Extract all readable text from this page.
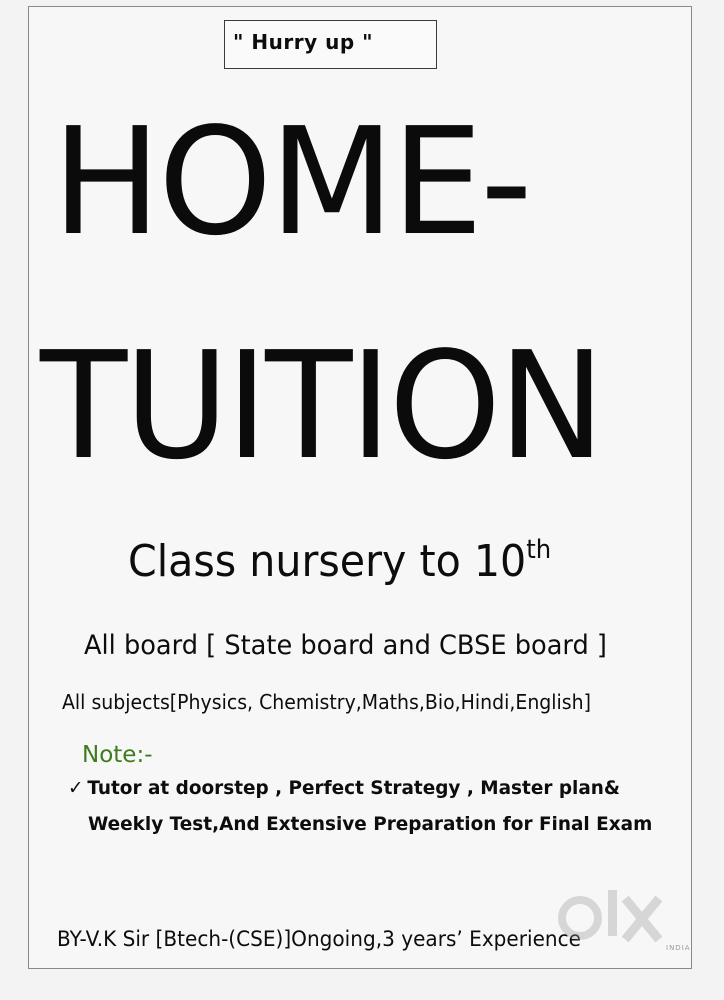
" Hurry up "
HOME-
TUITION
Class nursery to 10th
All board [ State board and CBSE board ]
All subjects[Physics, Chemistry,Maths,Bio,Hindi,English]
Note:-
✓ Tutor at doorstep , Perfect Strategy , Master plan&
Weekly Test,And Extensive Preparation for Final Exam
BY-V.K Sir [Btech-(CSE)]Ongoing,3 years’ Experience	INDIA
